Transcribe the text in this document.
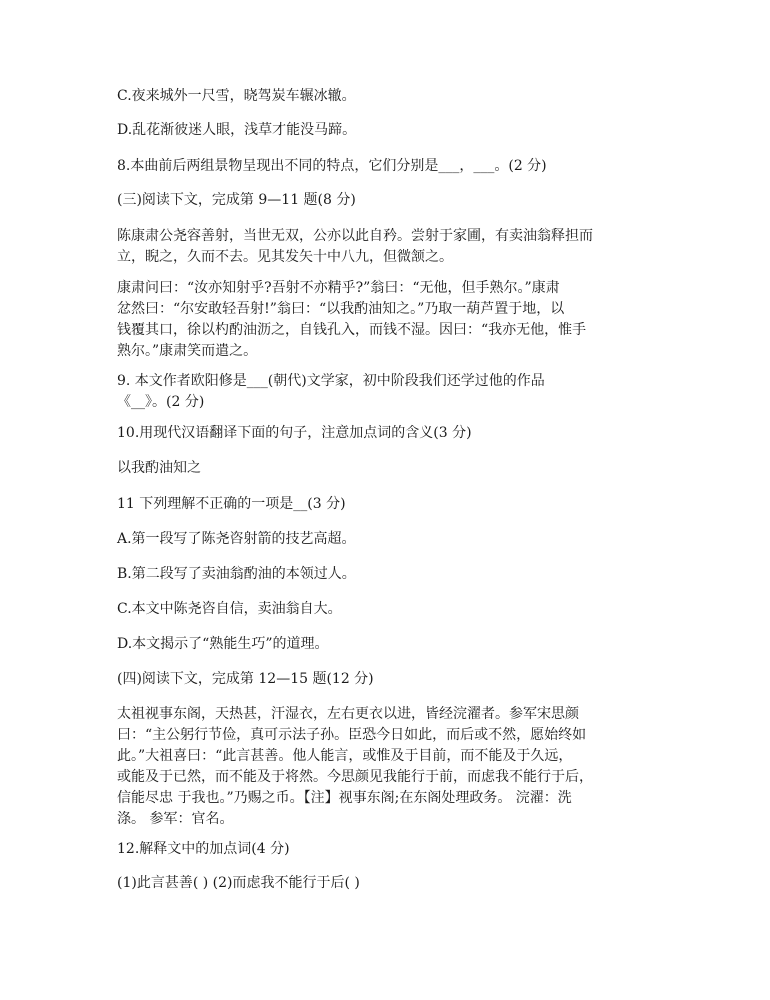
C.夜来城外一尺雪，晓驾炭车辗冰辙。
D.乱花渐彼迷人眼，浅草才能没马蹄。
8.本曲前后两组景物呈现出不同的特点，它们分别是___，___。(2 分)
(三)阅读下文，完成第 9—11 题(8 分)
陈康肃公尧容善射，当世无双，公亦以此自矜。尝射于家圃，有卖油翁释担而
立，睨之，久而不去。见其发矢十中八九，但微颔之。
康肃问曰：“汝亦知射乎?吾射不亦精乎?”翁曰：“无他，但手熟尔。”康肃
忿然曰：“尔安敢轻吾射!”翁曰：“以我酌油知之。”乃取一葫芦置于地，以
钱覆其口，徐以杓酌油沥之，自钱孔入，而钱不湿。因曰：“我亦无他，惟手
熟尔。”康肃笑而遣之。
9. 本文作者欧阳修是___(朝代)文学家，初中阶段我们还学过他的作品
《__》。(2 分)
10.用现代汉语翻译下面的句子，注意加点词的含义(3 分)
以我酌油知之
11 下列理解不正确的一项是__(3 分)
A.第一段写了陈尧咨射箭的技艺高超。
B.第二段写了卖油翁酌油的本领过人。
C.本文中陈尧咨自信，卖油翁自大。
D.本文揭示了“熟能生巧”的道理。
(四)阅读下文，完成第 12—15 题(12 分)
太祖视事东阁，天热甚，汗湿衣，左右更衣以进，皆经浣濯者。参军宋思颜
曰：“主公躬行节俭，真可示法子孙。臣恐今日如此，而后或不然，愿始终如
此。”大祖喜曰：“此言甚善。他人能言，或惟及于目前，而不能及于久远，
或能及于已然，而不能及于将然。今思颜见我能行于前，而虑我不能行于后，
信能尽忠 于我也。”乃赐之币。【注】视事东阁;在东阁处理政务。 浣濯：洗
涤。 参军：官名。
12.解释文中的加点词(4 分)
(1)此言甚善( ) (2)而虑我不能行于后( )
